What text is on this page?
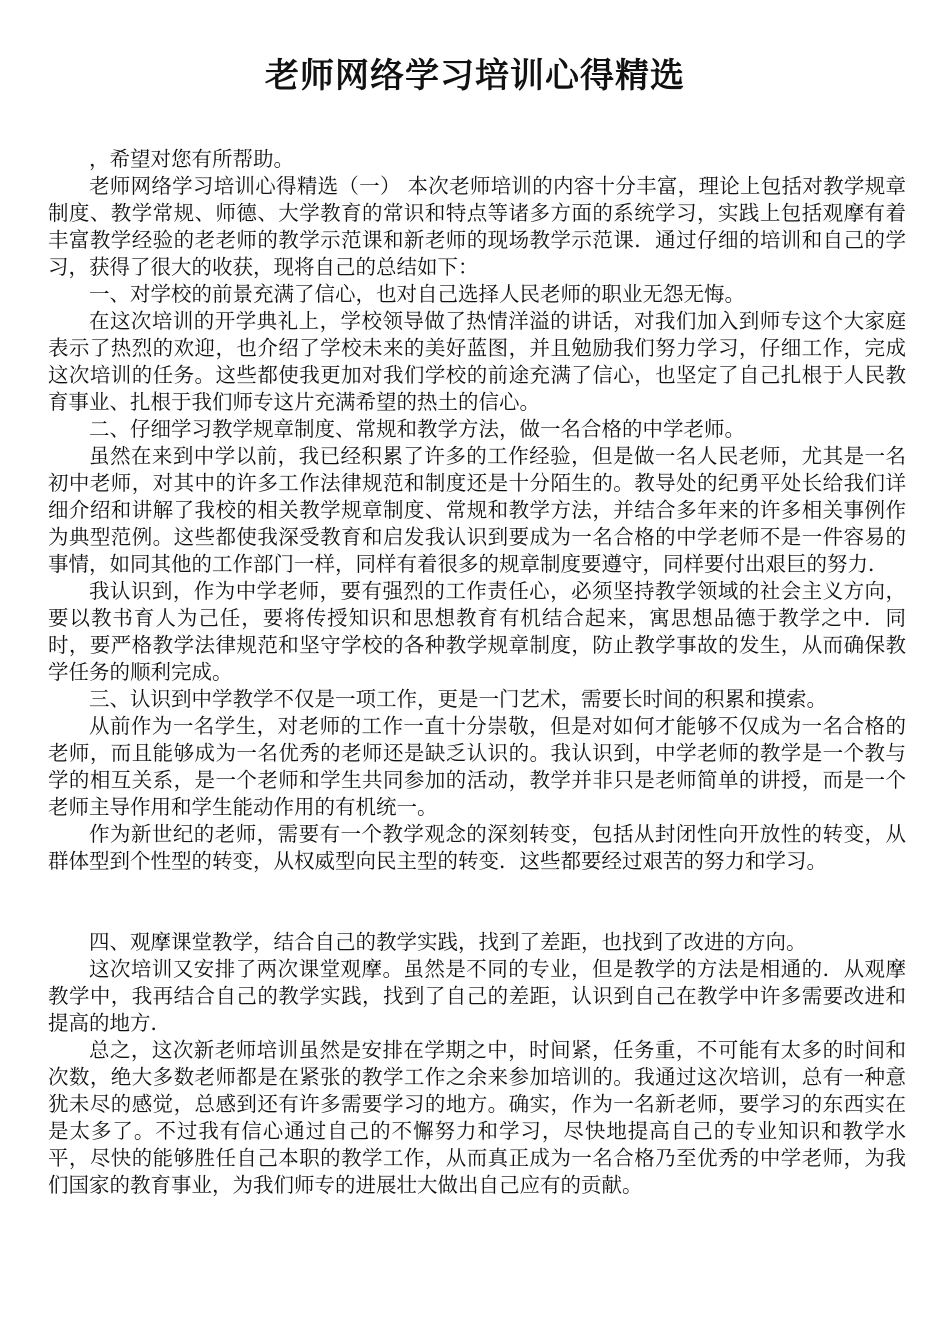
老师网络学习培训心得精选

，希望对您有所帮助。

老师网络学习培训心得精选（一） 本次老师培训的内容十分丰富，理论上包括对教学规章制度、教学常规、师德、大学教育的常识和特点等诸多方面的系统学习，实践上包括观摩有着丰富教学经验的老老师的教学示范课和新老师的现场教学示范课．通过仔细的培训和自己的学习，获得了很大的收获，现将自己的总结如下：

一、对学校的前景充满了信心，也对自己选择人民老师的职业无怨无悔。

在这次培训的开学典礼上，学校领导做了热情洋溢的讲话，对我们加入到师专这个大家庭表示了热烈的欢迎，也介绍了学校未来的美好蓝图，并且勉励我们努力学习，仔细工作，完成这次培训的任务。这些都使我更加对我们学校的前途充满了信心，也坚定了自己扎根于人民教育事业、扎根于我们师专这片充满希望的热土的信心。

二、仔细学习教学规章制度、常规和教学方法，做一名合格的中学老师。

虽然在来到中学以前，我已经积累了许多的工作经验，但是做一名人民老师，尤其是一名初中老师，对其中的许多工作法律规范和制度还是十分陌生的。教导处的纪勇平处长给我们详细介绍和讲解了我校的相关教学规章制度、常规和教学方法，并结合多年来的许多相关事例作为典型范例。这些都使我深受教育和启发我认识到要成为一名合格的中学老师不是一件容易的事情，如同其他的工作部门一样，同样有着很多的规章制度要遵守，同样要付出艰巨的努力．

我认识到，作为中学老师，要有强烈的工作责任心，必须坚持教学领域的社会主义方向，要以教书育人为己任，要将传授知识和思想教育有机结合起来，寓思想品德于教学之中．同时，要严格教学法律规范和坚守学校的各种教学规章制度，防止教学事故的发生，从而确保教学任务的顺利完成。

三、认识到中学教学不仅是一项工作，更是一门艺术，需要长时间的积累和摸索。

从前作为一名学生，对老师的工作一直十分崇敬，但是对如何才能够不仅成为一名合格的老师，而且能够成为一名优秀的老师还是缺乏认识的。我认识到，中学老师的教学是一个教与学的相互关系，是一个老师和学生共同参加的活动，教学并非只是老师简单的讲授，而是一个老师主导作用和学生能动作用的有机统一。

作为新世纪的老师，需要有一个教学观念的深刻转变，包括从封闭性向开放性的转变，从群体型到个性型的转变，从权威型向民主型的转变．这些都要经过艰苦的努力和学习。

四、观摩课堂教学，结合自己的教学实践，找到了差距，也找到了改进的方向。

这次培训又安排了两次课堂观摩。虽然是不同的专业，但是教学的方法是相通的．从观摩教学中，我再结合自己的教学实践，找到了自己的差距，认识到自己在教学中许多需要改进和提高的地方．

总之，这次新老师培训虽然是安排在学期之中，时间紧，任务重，不可能有太多的时间和次数，绝大多数老师都是在紧张的教学工作之余来参加培训的。我通过这次培训，总有一种意犹未尽的感觉，总感到还有许多需要学习的地方。确实，作为一名新老师，要学习的东西实在是太多了。不过我有信心通过自己的不懈努力和学习，尽快地提高自己的专业知识和教学水平，尽快的能够胜任自己本职的教学工作，从而真正成为一名合格乃至优秀的中学老师，为我们国家的教育事业，为我们师专的进展壮大做出自己应有的贡献。
